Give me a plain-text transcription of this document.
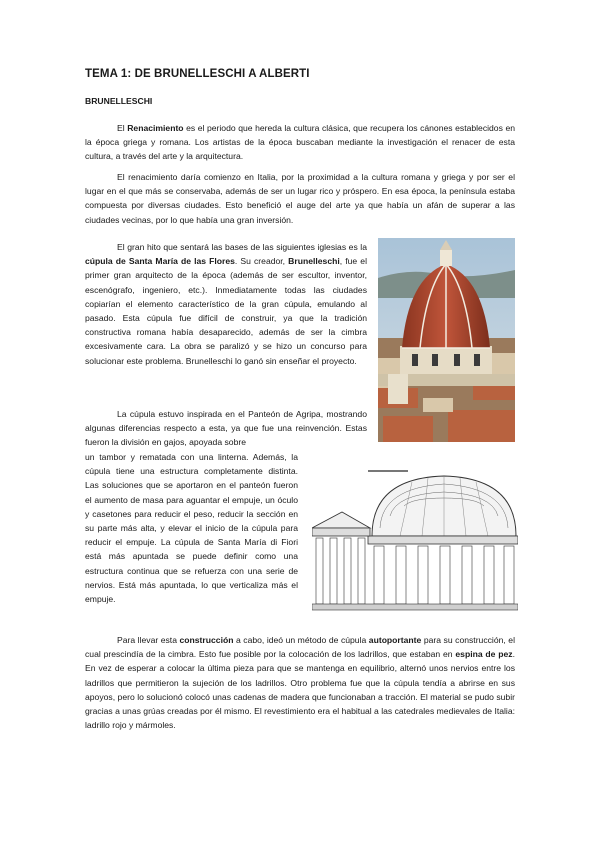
TEMA 1: DE BRUNELLESCHI A ALBERTI
BRUNELLESCHI

El Renacimiento es el periodo que hereda la cultura clásica, que recupera los cánones establecidos en la época griega y romana. Los artistas de la época buscaban mediante la investigación el renacer de esta cultura, a través del arte y la arquitectura.

El renacimiento daría comienzo en Italia, por la proximidad a la cultura romana y griega y por ser el lugar en el que más se conservaba, además de ser un lugar rico y próspero. En esa época, la península estaba compuesta por diversas ciudades. Esto benefició el auge del arte ya que había un afán de superar a las ciudades vecinas, por lo que había una gran inversión.

El gran hito que sentará las bases de las siguientes iglesias es la cúpula de Santa María de las Flores. Su creador, Brunelleschi, fue el primer gran arquitecto de la época (además de ser escultor, inventor, escenógrafo, ingeniero, etc.). Inmediatamente todas las ciudades copiarían el elemento característico de la gran cúpula, emulando al pasado. Esta cúpula fue difícil de construir, ya que la tradición constructiva romana había desaparecido, además de ser la cimbra excesivamente cara. La obra se paralizó y se hizo un concurso para solucionar este problema. Brunelleschi lo ganó sin enseñar el proyecto.

La cúpula estuvo inspirada en el Panteón de Agripa, mostrando algunas diferencias respecto a esta, ya que fue una reinvención. Estas fueron la división en gajos, apoyada sobre

un tambor y rematada con una linterna. Además, la cúpula tiene una estructura completamente distinta. Las soluciones que se aportaron en el panteón fueron el aumento de masa para aguantar el empuje, un óculo y casetones para reducir el peso, reducir la sección en su parte más alta, y elevar el inicio de la cúpula para reducir el empuje. La cúpula de Santa María di Fiori está más apuntada se puede definir como una estructura continua que se refuerza con una serie de nervios. Está más apuntada, lo que verticaliza más el empuje.

Para llevar esta construcción a cabo, ideó un método de cúpula autoportante para su construcción, el cual prescindía de la cimbra. Esto fue posible por la colocación de los ladrillos, que estaban en espina de pez. En vez de esperar a colocar la última pieza para que se mantenga en equilibrio, alternó unos nervios entre los ladrillos que permitieron la sujeción de los ladrillos. Otro problema fue que la cúpula tendía a abrirse en sus apoyos, pero lo solucionó colocó unas cadenas de madera que funcionaban a tracción. El material se pudo subir gracias a unas grúas creadas por él mismo. El revestimiento era el habitual a las catedrales medievales de Italia: ladrillo rojo y mármoles.
